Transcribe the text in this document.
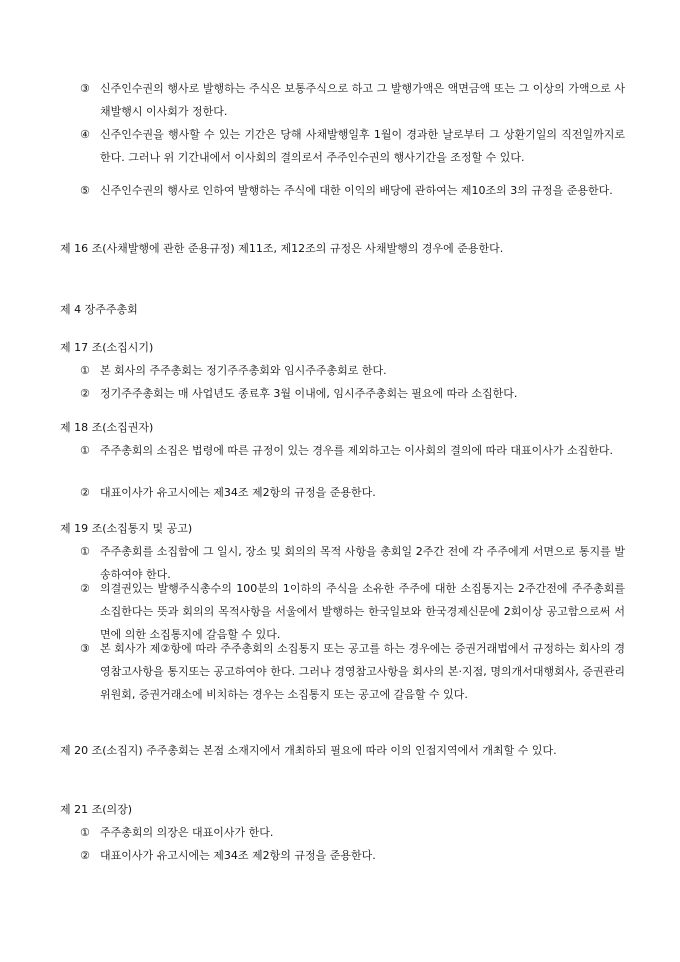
③ 신주인수권의 행사로 발행하는 주식은 보통주식으로 하고 그 발행가액은 액면금액 또는 그 이상의 가액으로 사채발행시 이사회가 정한다.
④ 신주인수권을 행사할 수 있는 기간은 당해 사채발행일후 1월이 경과한 날로부터 그 상환기일의 직전일까지로 한다. 그러나 위 기간내에서 이사회의 결의로서 주주인수권의 행사기간을 조정할 수 있다.
⑤ 신주인수권의 행사로 인하여 발행하는 주식에 대한 이익의 배당에 관하여는 제10조의 3의 규정을 준용한다.
제 16 조(사채발행에 관한 준용규정) 제11조, 제12조의 규정은 사채발행의 경우에 준용한다.
제 4 장주주총회
제 17 조(소집시기)
① 본 회사의 주주총회는 정기주주총회와 임시주주총회로 한다.
② 정기주주총회는 매 사업년도 종료후 3월 이내에, 임시주주총회는 필요에 따라 소집한다.
제 18 조(소집권자)
① 주주총회의 소집은 법령에 따른 규정이 있는 경우를 제외하고는 이사회의 결의에 따라 대표이사가 소집한다.
② 대표이사가 유고시에는 제34조 제2항의 규정을 준용한다.
제 19 조(소집통지 및 공고)
① 주주총회를 소집함에 그 일시, 장소 및 회의의 목적 사항을 총회일 2주간 전에 각 주주에게 서면으로 통지를 발송하여야 한다.
② 의결권있는 발행주식총수의 100분의 1이하의 주식을 소유한 주주에 대한 소집통지는 2주간전에 주주총회를 소집한다는 뜻과 회의의 목적사항을 서울에서 발행하는 한국일보와 한국경제신문에 2회이상 공고함으로써 서면에 의한 소집통지에 갈음할 수 있다.
③ 본 회사가 제②항에 따라 주주총회의 소집통지 또는 공고를 하는 경우에는 증권거래법에서 규정하는 회사의 경영참고사항을 통지또는 공고하여야 한다. 그러나 경영참고사항을 회사의 본·지점, 명의개서대행회사, 증권관리 위원회, 증권거래소에 비치하는 경우는 소집통지 또는 공고에 갈음할 수 있다.
제 20 조(소집지) 주주총회는 본점 소재지에서 개최하되 필요에 따라 이의 인접지역에서 개최할 수 있다.
제 21 조(의장)
① 주주총회의 의장은 대표이사가 한다.
② 대표이사가 유고시에는 제34조 제2항의 규정을 준용한다.
